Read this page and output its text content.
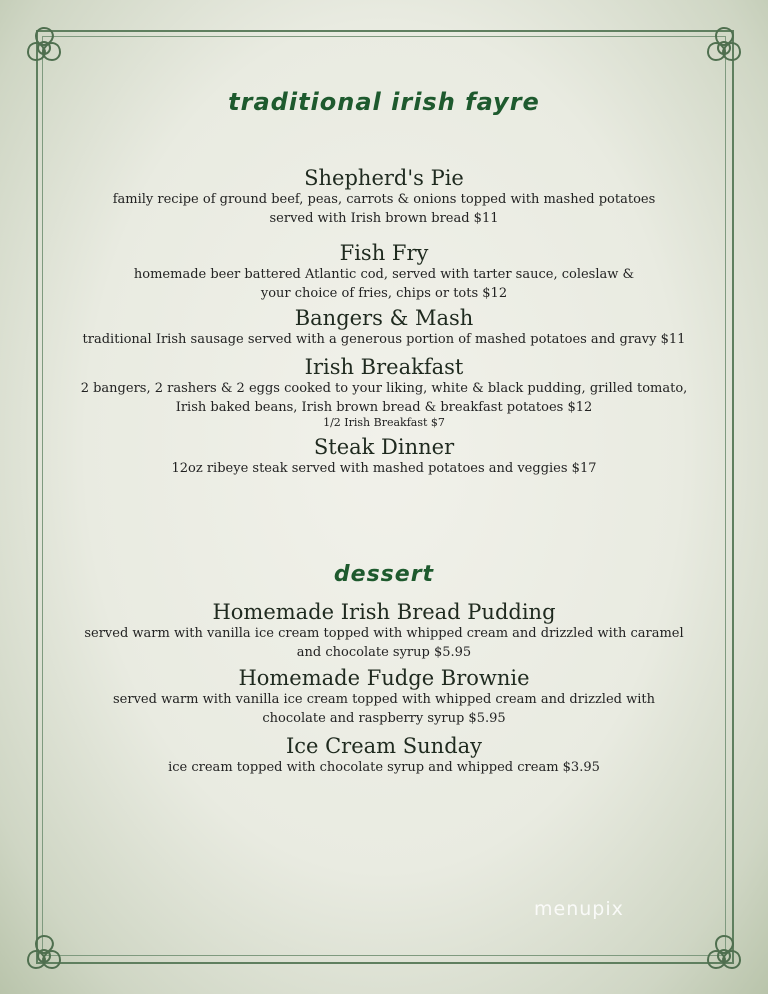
traditional irish fayre
Shepherd's Pie
family recipe of ground beef, peas, carrots & onions topped with mashed potatoes
served with Irish brown bread $11
Fish Fry
homemade beer battered Atlantic cod, served with tarter sauce, coleslaw &
your choice of fries, chips or tots $12
Bangers & Mash
traditional Irish sausage served with a generous portion of mashed potatoes and gravy $11
Irish Breakfast
2 bangers, 2 rashers & 2 eggs cooked to your liking, white & black pudding, grilled tomato,
Irish baked beans, Irish brown bread & breakfast potatoes $12
1/2 Irish Breakfast $7
Steak Dinner
12oz ribeye steak served with mashed potatoes and veggies $17
dessert
Homemade Irish Bread Pudding
served warm with vanilla ice cream topped with whipped cream and drizzled with caramel
and chocolate syrup $5.95
Homemade Fudge Brownie
served warm with vanilla ice cream topped with whipped cream and drizzled with
chocolate and raspberry syrup $5.95
Ice Cream Sunday
ice cream topped with chocolate syrup and whipped cream $3.95
menupix
